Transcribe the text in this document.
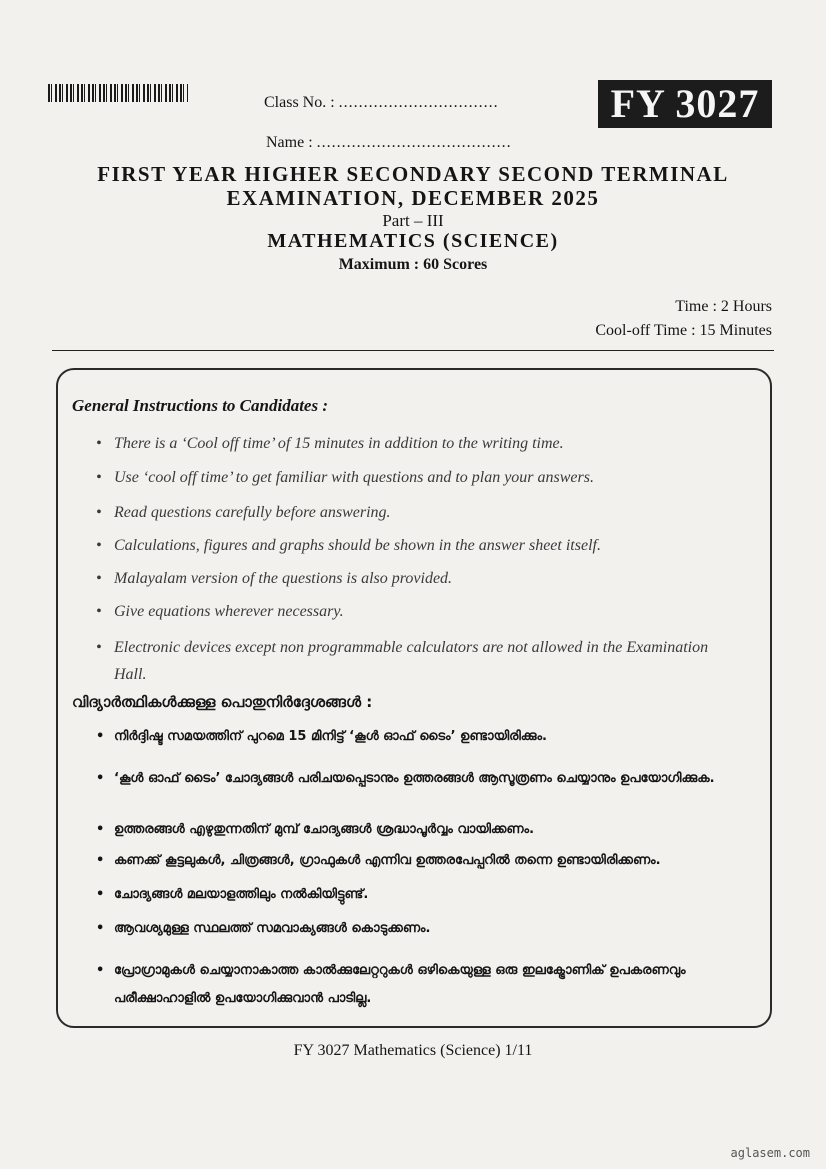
FY 3027
Class No. : ................................
Name : .......................................
FIRST YEAR HIGHER SECONDARY SECOND TERMINAL
EXAMINATION, DECEMBER 2025
Part – III
MATHEMATICS (SCIENCE)
Maximum : 60 Scores
Time : 2 Hours
Cool-off Time : 15 Minutes
General Instructions to Candidates :
• There is a ‘Cool off time’ of 15 minutes in addition to the writing time.
• Use ‘cool off time’ to get familiar with questions and to plan your answers.
• Read questions carefully before answering.
• Calculations, figures and graphs should be shown in the answer sheet itself.
• Malayalam version of the questions is also provided.
• Give equations wherever necessary.
• Electronic devices except non programmable calculators are not allowed in the Examination Hall.
വിദ്യാർത്ഥികൾക്കുള്ള പൊതുനിർദ്ദേശങ്ങൾ :
• നിർദ്ദിഷ്ട സമയത്തിന് പുറമെ 15 മിനിട്ട് ‘കൂൾ ഓഫ് ടൈം’ ഉണ്ടായിരിക്കും.
• ‘കൂൾ ഓഫ് ടൈം’ ചോദ്യങ്ങൾ പരിചയപ്പെടാനും ഉത്തരങ്ങൾ ആസൂത്രണം ചെയ്യാനും ഉപയോഗിക്കുക.
• ഉത്തരങ്ങൾ എഴുതുന്നതിന് മുമ്പ് ചോദ്യങ്ങൾ ശ്രദ്ധാപൂർവ്വം വായിക്കണം.
• കണക്ക് കൂട്ടലുകൾ, ചിത്രങ്ങൾ, ഗ്രാഫുകൾ എന്നിവ ഉത്തരപേപ്പറിൽ തന്നെ ഉണ്ടായിരിക്കണം.
• ചോദ്യങ്ങൾ മലയാളത്തിലും നൽകിയിട്ടുണ്ട്.
• ആവശ്യമുള്ള സ്ഥലത്ത് സമവാക്യങ്ങൾ കൊടുക്കണം.
• പ്രോഗ്രാമുകൾ ചെയ്യാനാകാത്ത കാൽക്കുലേറ്ററുകൾ ഒഴികെയുള്ള ഒരു ഇലക്ട്രോണിക് ഉപകരണവും പരീക്ഷാഹാളിൽ ഉപയോഗിക്കുവാൻ പാടില്ല.
FY 3027 Mathematics (Science) 1/11
aglasem.com
